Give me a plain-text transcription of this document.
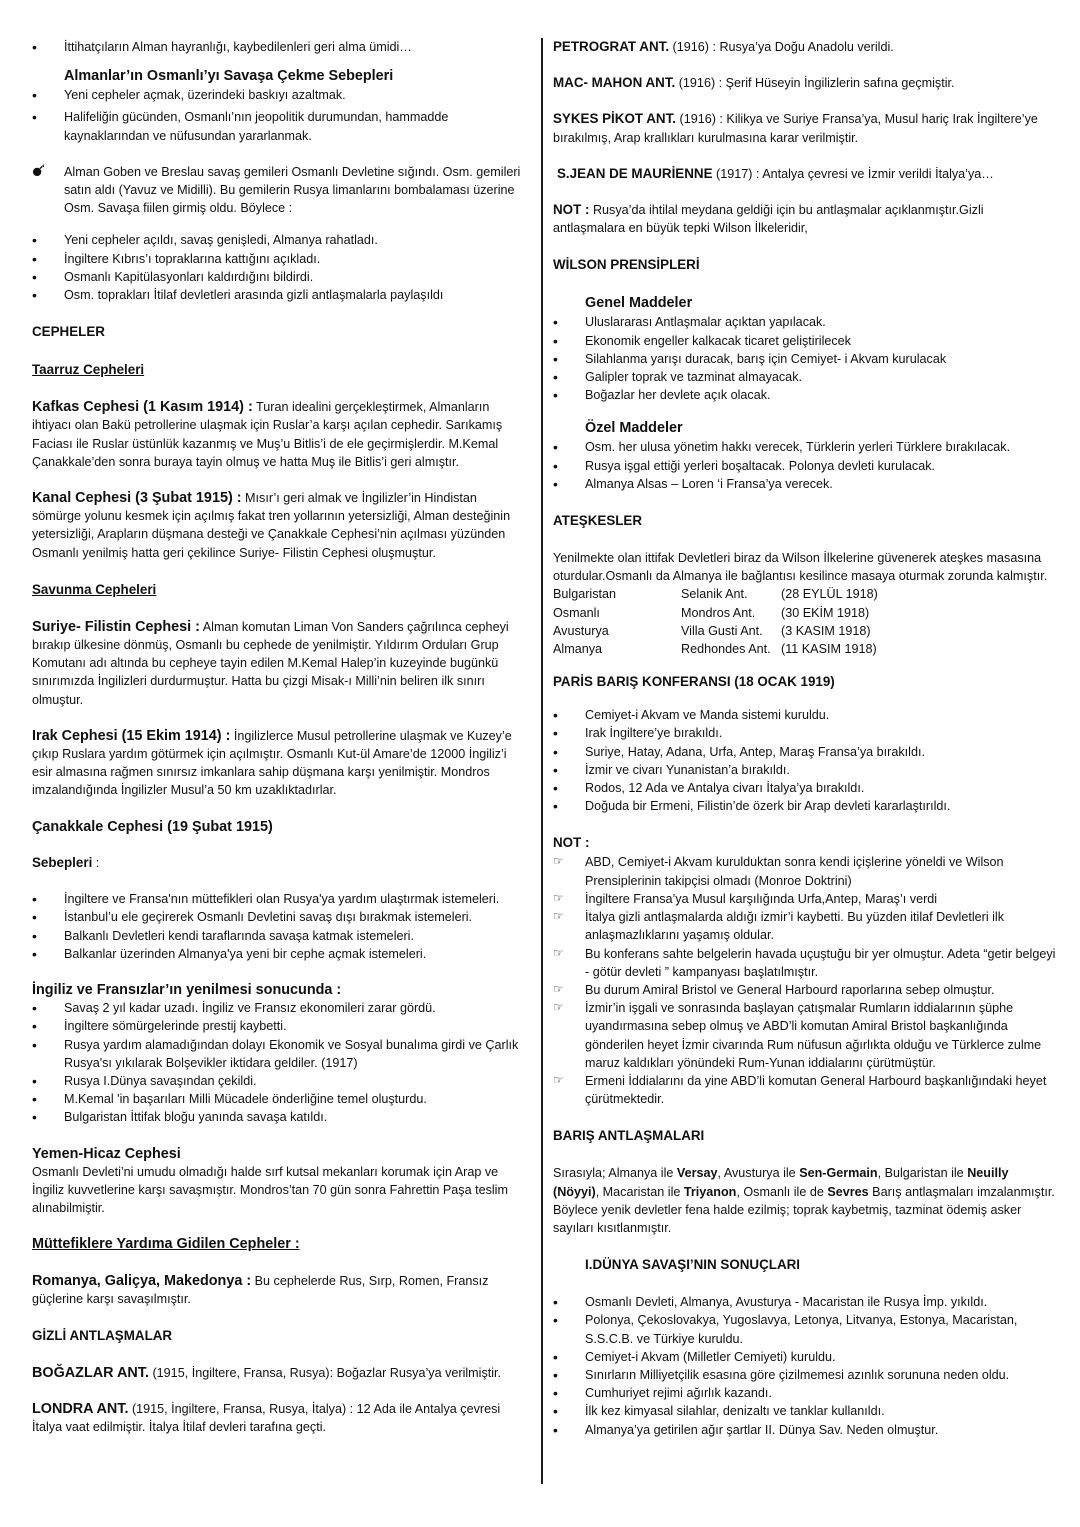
• İttihatçıların Alman hayranlığı, kaybedilenleri geri alma ümidi…

Almanlar’ın Osmanlı’yı Savaşa Çekme Sebepleri

• Yeni cepheler açmak, üzerindeki baskıyı azaltmak.
• Halifeliğin gücünden, Osmanlı’nın jeopolitik durumundan, hammadde kaynaklarından ve nüfusundan yararlanmak.

Alman Goben ve Breslau savaş gemileri Osmanlı Devletine sığındı. Osm. gemileri satın aldı (Yavuz ve Midilli). Bu gemilerin Rusya limanlarını bombalaması üzerine Osm. Savaşa fiilen girmiş oldu. Böylece :

• Yeni cepheler açıldı, savaş genişledi, Almanya rahatladı.
• İngiltere Kıbrıs’ı topraklarına kattığını açıkladı.
• Osmanlı Kapitülasyonları kaldırdığını bildirdi.
• Osm. toprakları İtilaf devletleri arasında gizli antlaşmalarla paylaşıldı

CEPHELER

Taarruz Cepheleri

Kafkas Cephesi (1 Kasım 1914) : Turan idealini gerçekleştirmek, Almanların ihtiyacı olan Bakü petrollerine ulaşmak için Ruslar’a karşı açılan cephedir. Sarıkamış Faciası ile Ruslar üstünlük kazanmış ve Muş’u Bitlis’i de ele geçirmişlerdir. M.Kemal Çanakkale’den sonra buraya tayin olmuş ve hatta Muş ile Bitlis’i geri almıştır.

Kanal Cephesi (3 Şubat 1915) : Mısır’ı geri almak ve İngilizler’in Hindistan sömürge yolunu kesmek için açılmış fakat tren yollarının yetersizliği, Alman desteğinin yetersizliği, Arapların düşmana desteği ve Çanakkale Cephesi’nin açılması yüzünden Osmanlı yenilmiş hatta geri çekilince Suriye- Filistin Cephesi oluşmuştur.

Savunma Cepheleri

Suriye- Filistin Cephesi : Alman komutan Liman Von Sanders çağrılınca cepheyi bırakıp ülkesine dönmüş, Osmanlı bu cephede de yenilmiştir. Yıldırım Orduları Grup Komutanı adı altında bu cepheye tayin edilen M.Kemal Halep’in kuzeyinde bugünkü sınırımızda İngilizleri durdurmuştur. Hatta bu çizgi Misak-ı Milli’nin beliren ilk sınırı olmuştur.

Irak Cephesi (15 Ekim 1914) : İngilizlerce Musul petrollerine ulaşmak ve Kuzey’e çıkıp Ruslara yardım götürmek için açılmıştır. Osmanlı Kut-ül Amare’de 12000 İngiliz’i esir almasına rağmen sınırsız imkanlara sahip düşmana karşı yenilmiştir. Mondros imzalandığında İngilizler Musul’a 50 km uzaklıktadırlar.

Çanakkale Cephesi (19 Şubat 1915)

Sebepleri :

• İngiltere ve Fransa'nın müttefikleri olan Rusya'ya yardım ulaştırmak istemeleri.
• İstanbul’u ele geçirerek Osmanlı Devletini savaş dışı bırakmak istemeleri.
• Balkanlı Devletleri kendi taraflarında savaşa katmak istemeleri.
• Balkanlar üzerinden Almanya'ya yeni bir cephe açmak istemeleri.

İngiliz ve Fransızlar’ın yenilmesi sonucunda :

• Savaş 2 yıl kadar uzadı. İngiliz ve Fransız ekonomileri zarar gördü.
• İngiltere sömürgelerinde prestij kaybetti.
• Rusya yardım alamadığından dolayı Ekonomik ve Sosyal bunalıma girdi ve Çarlık Rusya'sı yıkılarak Bolşevikler iktidara geldiler. (1917)
• Rusya I.Dünya savaşından çekildi.
• M.Kemal 'in başarıları Milli Mücadele önderliğine temel oluşturdu.
• Bulgaristan İttifak bloğu yanında savaşa katıldı.

Yemen-Hicaz Cephesi

Osmanlı Devleti’ni umudu olmadığı halde sırf kutsal mekanları korumak için Arap ve İngiliz kuvvetlerine karşı savaşmıştır. Mondros’tan 70 gün sonra Fahrettin Paşa teslim alınabilmiştir.

Müttefiklere Yardıma Gidilen Cepheler :

Romanya, Galiçya, Makedonya : Bu cephelerde Rus, Sırp, Romen, Fransız güçlerine karşı savaşılmıştır.

GİZLİ ANTLAŞMALAR

BOĞAZLAR ANT. (1915, İngiltere, Fransa, Rusya): Boğazlar Rusya’ya verilmiştir.

LONDRA ANT. (1915, İngiltere, Fransa, Rusya, İtalya) : 12 Ada ile Antalya çevresi İtalya vaat edilmiştir. İtalya İtilaf devleri tarafına geçti.

PETROGRAT ANT. (1916) : Rusya’ya Doğu Anadolu verildi.

MAC- MAHON ANT. (1916) : Şerif Hüseyin İngilizlerin safına geçmiştir.

SYKES PİKOT ANT. (1916) : Kilikya ve Suriye Fransa’ya, Musul hariç Irak İngiltere’ye bırakılmış, Arap krallıkları kurulmasına karar verilmiştir.

S.JEAN DE MAURİENNE (1917) : Antalya çevresi ve İzmir verildi İtalya’ya…

NOT : Rusya’da ihtilal meydana geldiği için bu antlaşmalar açıklanmıştır.Gizli antlaşmalara en büyük tepki Wilson İlkeleridir,

WİLSON PRENSİPLERİ

Genel Maddeler

• Uluslararası Antlaşmalar açıktan yapılacak.
• Ekonomik engeller kalkacak ticaret geliştirilecek
• Silahlanma yarışı duracak, barış için Cemiyet- i Akvam kurulacak
• Galipler toprak ve tazminat almayacak.
• Boğazlar her devlete açık olacak.

Özel Maddeler

• Osm. her ulusa yönetim hakkı verecek, Türklerin yerleri Türklere bırakılacak.
• Rusya işgal ettiği yerleri boşaltacak. Polonya devleti kurulacak.
• Almanya Alsas – Loren ‘i Fransa’ya verecek.

ATEŞKESLER

Yenilmekte olan ittifak Devletleri biraz da Wilson İlkelerine güvenerek ateşkes masasına oturdular.Osmanlı da Almanya ile bağlantısı kesilince masaya oturmak zorunda kalmıştır.

Bulgaristan	Selanik Ant.	(28 EYLÜL 1918)
Osmanlı	Mondros Ant.	(30 EKİM 1918)
Avusturya	Villa Gusti Ant.	(3 KASIM 1918)
Almanya	Redhondes Ant. (11 KASIM 1918)

PARİS BARIŞ KONFERANSI (18 OCAK 1919)

• Cemiyet-i Akvam ve Manda sistemi kuruldu.
• Irak İngiltere’ye bırakıldı.
• Suriye, Hatay, Adana, Urfa, Antep, Maraş Fransa’ya bırakıldı.
• İzmir ve civarı Yunanistan’a bırakıldı.
• Rodos, 12 Ada ve Antalya civarı İtalya’ya bırakıldı.
• Doğuda bir Ermeni, Filistin’de özerk bir Arap devleti kararlaştırıldı.

NOT :

☞ ABD, Cemiyet-i Akvam kurulduktan sonra kendi içişlerine yöneldi ve Wilson Prensiplerinin takipçisi olmadı (Monroe Doktrini)
☞ İngiltere Fransa’ya Musul karşılığında Urfa,Antep, Maraş’ı verdi
☞ İtalya gizli antlaşmalarda aldığı izmir’i kaybetti. Bu yüzden itilaf Devletleri ilk anlaşmazlıklarını yaşamış oldular.
☞ Bu konferans sahte belgelerin havada uçuştuğu bir yer olmuştur. Adeta “getir belgeyi - götür devleti ” kampanyası başlatılmıştır.
☞ Bu durum Amiral Bristol ve General Harbourd raporlarına sebep olmuştur.
☞ İzmir’in işgali ve sonrasında başlayan çatışmalar Rumların iddialarının şüphe uyandırmasına sebep olmuş ve ABD’li komutan Amiral Bristol başkanlığında gönderilen heyet İzmir civarında Rum nüfusun ağırlıkta olduğu ve Türklerce zulme maruz kaldıkları yönündeki Rum-Yunan iddialarını çürütmüştür.
☞ Ermeni İddialarını da yine ABD’li komutan General Harbourd başkanlığındaki heyet çürütmektedir.

BARIŞ ANTLAŞMALARI

Sırasıyla; Almanya ile Versay, Avusturya ile Sen-Germain, Bulgaristan ile Neuilly (Nöyyi), Macaristan ile Triyanon, Osmanlı ile de Sevres Barış antlaşmaları imzalanmıştır. Böylece yenik devletler fena halde ezilmiş; toprak kaybetmiş, tazminat ödemiş asker sayıları kısıtlanmıştır.

I.DÜNYA SAVAŞI’NIN SONUÇLARI

• Osmanlı Devleti, Almanya, Avusturya - Macaristan ile Rusya İmp. yıkıldı.
• Polonya, Çekoslovakya, Yugoslavya, Letonya, Litvanya, Estonya, Macaristan, S.S.C.B. ve Türkiye kuruldu.
• Cemiyet-i Akvam (Milletler Cemiyeti) kuruldu.
• Sınırların Milliyetçilik esasına göre çizilmemesi azınlık sorununa neden oldu.
• Cumhuriyet rejimi ağırlık kazandı.
• İlk kez kimyasal silahlar, denizaltı ve tanklar kullanıldı.
• Almanya’ya getirilen ağır şartlar II. Dünya Sav. Neden olmuştur.
